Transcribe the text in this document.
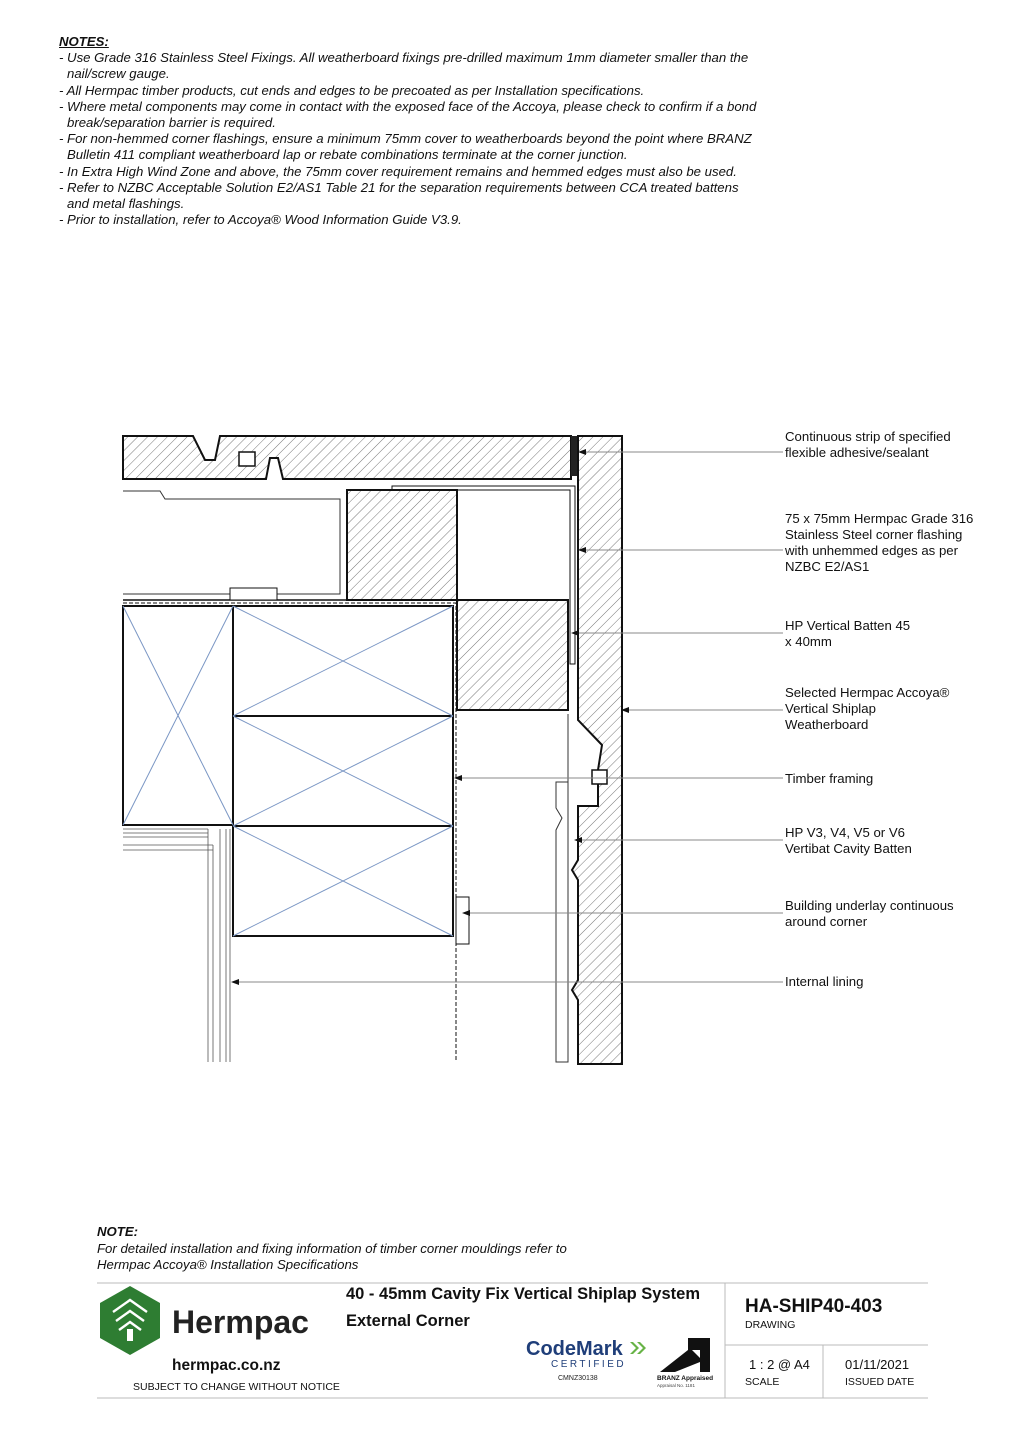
NOTES:
- Use Grade 316 Stainless Steel Fixings. All weatherboard fixings pre-drilled maximum 1mm diameter smaller than the nail/screw gauge.
- All Hermpac timber products, cut ends and edges to be precoated as per Installation specifications.
- Where metal components may come in contact with the exposed face of the Accoya, please check to confirm if a bond break/separation barrier is required.
- For non-hemmed corner flashings, ensure a minimum 75mm cover to weatherboards beyond the point where BRANZ Bulletin 411 compliant weatherboard lap or rebate combinations terminate at the corner junction.
- In Extra High Wind Zone and above, the 75mm cover requirement remains and hemmed edges must also be used.
- Refer to NZBC Acceptable Solution E2/AS1 Table 21 for the separation requirements between CCA treated battens and metal flashings.
- Prior to installation, refer to Accoya® Wood Information Guide V3.9.
Continuous strip of specified flexible adhesive/sealant
75 x 75mm Hermpac Grade 316 Stainless Steel corner flashing with unhemmed edges as per NZBC E2/AS1
HP Vertical Batten 45 x 40mm
Selected Hermpac Accoya® Vertical Shiplap Weatherboard
Timber framing
HP V3, V4, V5 or V6 Vertibat Cavity Batten
Building underlay continuous around corner
Internal lining
NOTE:
For detailed installation and fixing information of timber corner mouldings refer to
Hermpac Accoya® Installation Specifications
Hermpac
hermpac.co.nz
SUBJECT TO CHANGE WITHOUT NOTICE
40 - 45mm Cavity Fix Vertical Shiplap System
External Corner
CodeMark
CERTIFIED
CMNZ30138	BRANZ Appraised
Appraisal No. 1181
HA-SHIP40-403
DRAWING
1 : 2 @ A4
SCALE
01/11/2021
ISSUED DATE
